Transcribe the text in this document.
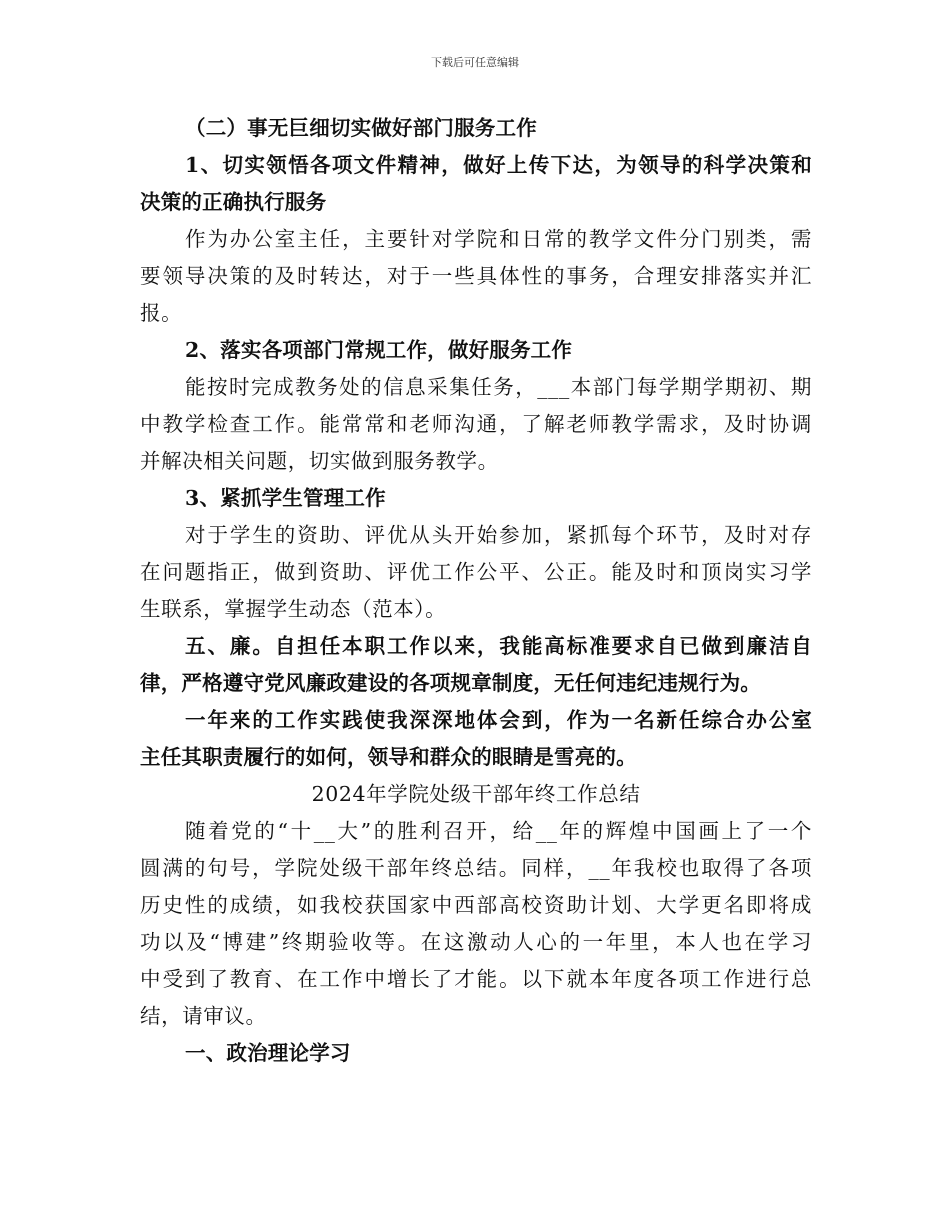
下载后可任意编辑
（二）事无巨细切实做好部门服务工作
1、切实领悟各项文件精神，做好上传下达，为领导的科学决策和
决策的正确执行服务
作为办公室主任，主要针对学院和日常的教学文件分门别类，需
要领导决策的及时转达，对于一些具体性的事务，合理安排落实并汇
报。
2、落实各项部门常规工作，做好服务工作
能按时完成教务处的信息采集任务，___本部门每学期学期初、期
中教学检查工作。能常常和老师沟通，了解老师教学需求，及时协调
并解决相关问题，切实做到服务教学。
3、紧抓学生管理工作
对于学生的资助、评优从头开始参加，紧抓每个环节，及时对存
在问题指正，做到资助、评优工作公平、公正。能及时和顶岗实习学
生联系，掌握学生动态（范本）。
五、廉。自担任本职工作以来，我能高标准要求自已做到廉洁自
律，严格遵守党风廉政建设的各项规章制度，无任何违纪违规行为。
一年来的工作实践使我深深地体会到，作为一名新任综合办公室
主任其职责履行的如何，领导和群众的眼睛是雪亮的。
2024年学院处级干部年终工作总结
随着党的“十__大”的胜利召开，给__年的辉煌中国画上了一个
圆满的句号，学院处级干部年终总结。同样，__年我校也取得了各项
历史性的成绩，如我校获国家中西部高校资助计划、大学更名即将成
功以及“博建”终期验收等。在这激动人心的一年里，本人也在学习
中受到了教育、在工作中增长了才能。以下就本年度各项工作进行总
结，请审议。
一、政治理论学习
